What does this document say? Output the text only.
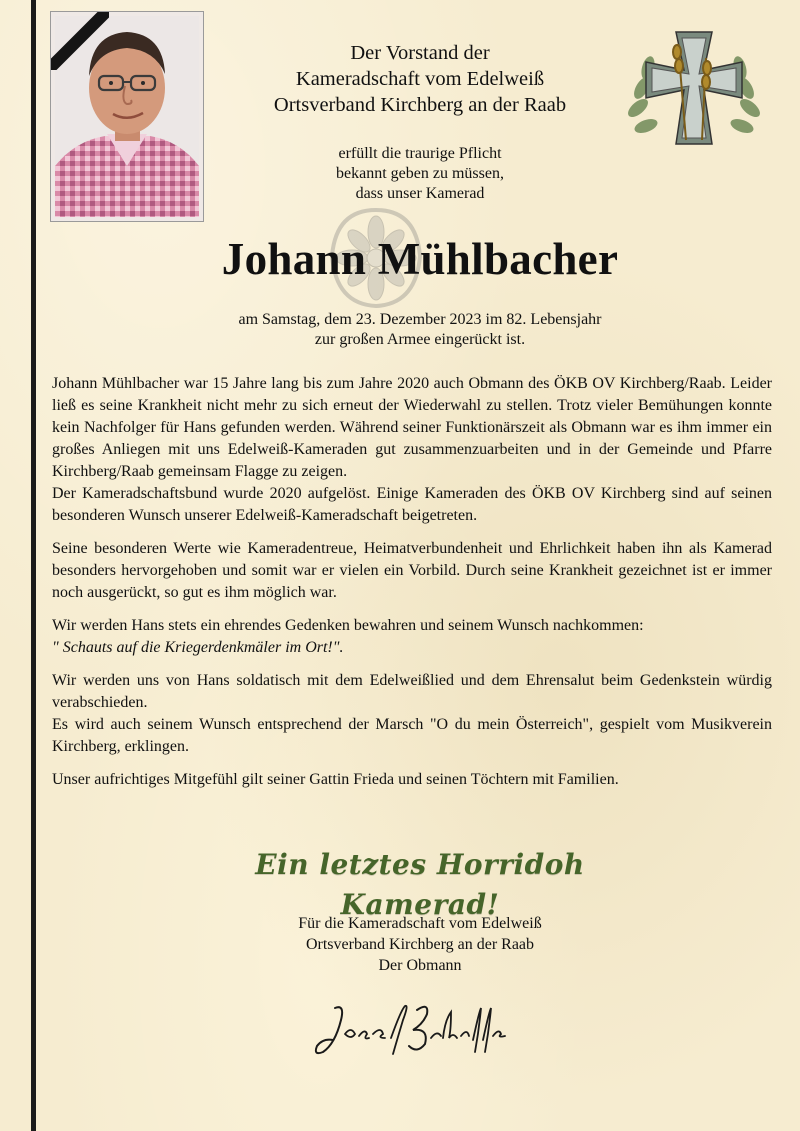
Der Vorstand der
Kameradschaft vom Edelweiß
Ortsverband Kirchberg an der Raab
erfüllt die traurige Pflicht
bekannt geben zu müssen,
dass unser Kamerad
Johann Mühlbacher
am Samstag, dem 23. Dezember 2023 im 82. Lebensjahr
zur großen Armee eingerückt ist.

Johann Mühlbacher war 15 Jahre lang bis zum Jahre 2020 auch Obmann des ÖKB OV Kirchberg/Raab. Leider ließ es seine Krankheit nicht mehr zu sich erneut der Wiederwahl zu stellen. Trotz vieler Bemühungen konnte kein Nachfolger für Hans gefunden werden. Während seiner Funktionärszeit als Obmann war es ihm immer ein großes Anliegen mit uns Edelweiß-Kameraden gut zusammenzuarbeiten und in der Gemeinde und Pfarre Kirchberg/Raab gemeinsam Flagge zu zeigen.
Der Kameradschaftsbund wurde 2020 aufgelöst. Einige Kameraden des ÖKB OV Kirchberg sind auf seinen besonderen Wunsch unserer Edelweiß-Kameradschaft beigetreten.

Seine besonderen Werte wie Kameradentreue, Heimatverbundenheit und Ehrlichkeit haben ihn als Kamerad besonders hervorgehoben und somit war er vielen ein Vorbild. Durch seine Krankheit gezeichnet ist er immer noch ausgerückt, so gut es ihm möglich war.

Wir werden Hans stets ein ehrendes Gedenken bewahren und seinem Wunsch nachkommen:
" Schauts auf die Kriegerdenkmäler im Ort!".

Wir werden uns von Hans soldatisch mit dem Edelweißlied und dem Ehrensalut beim Gedenkstein würdig verabschieden.
Es wird auch seinem Wunsch entsprechend der Marsch "O du mein Österreich", gespielt vom Musikverein Kirchberg, erklingen.

Unser aufrichtiges Mitgefühl gilt seiner Gattin Frieda und seinen Töchtern mit Familien.

Ein letztes Horridoh Kamerad!
Für die Kameradschaft vom Edelweiß
Ortsverband Kirchberg an der Raab
Der Obmann
